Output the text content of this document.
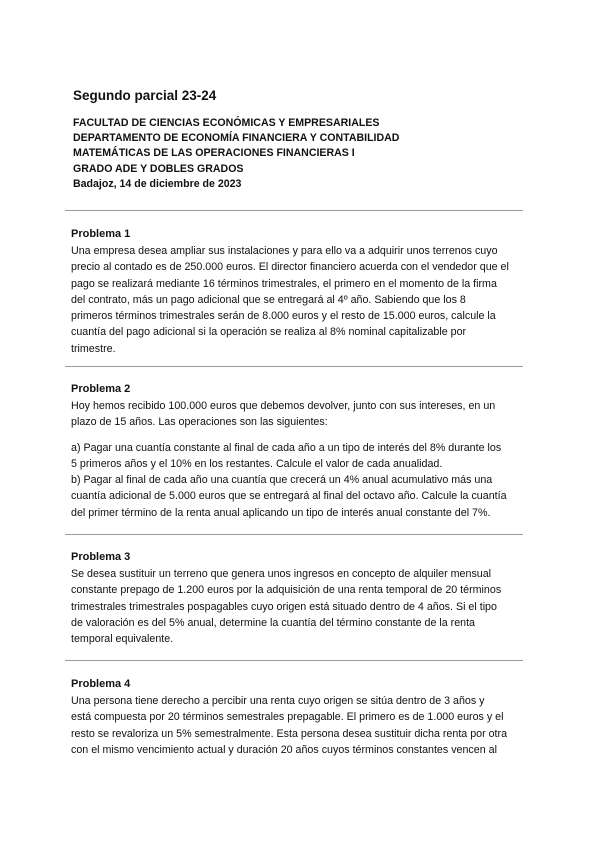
Segundo parcial 23-24
FACULTAD DE CIENCIAS ECONÓMICAS Y EMPRESARIALES
DEPARTAMENTO DE ECONOMÍA FINANCIERA Y CONTABILIDAD
MATEMÁTICAS DE LAS OPERACIONES FINANCIERAS I
GRADO ADE Y DOBLES GRADOS
Badajoz, 14 de diciembre de 2023
Problema 1

Una empresa desea ampliar sus instalaciones y para ello va a adquirir unos terrenos cuyo

precio al contado es de 250.000 euros. El director financiero acuerda con el vendedor que el

pago se realizará mediante 16 términos trimestrales, el primero en el momento de la firma

del contrato, más un pago adicional que se entregará al 4º año. Sabiendo que los 8

primeros términos trimestrales serán de 8.000 euros y el resto de 15.000 euros, calcule la

cuantía del pago adicional si la operación se realiza al 8% nominal capitalizable por

trimestre.

Problema 2

Hoy hemos recibido 100.000 euros que debemos devolver, junto con sus intereses, en un

plazo de 15 años. Las operaciones son las siguientes:

a) Pagar una cuantía constante al final de cada año a un tipo de interés del 8% durante los

5 primeros años y el 10% en los restantes. Calcule el valor de cada anualidad.

b) Pagar al final de cada año una cuantía que crecerá un 4% anual acumulativo más una

cuantía adicional de 5.000 euros que se entregará al final del octavo año. Calcule la cuantía

del primer término de la renta anual aplicando un tipo de interés anual constante del 7%.

Problema 3

Se desea sustituir un terreno que genera unos ingresos en concepto de alquiler mensual

constante prepago de 1.200 euros por la adquisición de una renta temporal de 20 términos

trimestrales trimestrales pospagables cuyo origen está situado dentro de 4 años. Si el tipo

de valoración es del 5% anual, determine la cuantía del término constante de la renta

temporal equivalente.

Problema 4

Una persona tiene derecho a percibir una renta cuyo origen se sitúa dentro de 3 años y

está compuesta por 20 términos semestrales prepagable. El primero es de 1.000 euros y el

resto se revaloriza un 5% semestralmente. Esta persona desea sustituir dicha renta por otra

con el mismo vencimiento actual y duración 20 años cuyos términos constantes vencen al
